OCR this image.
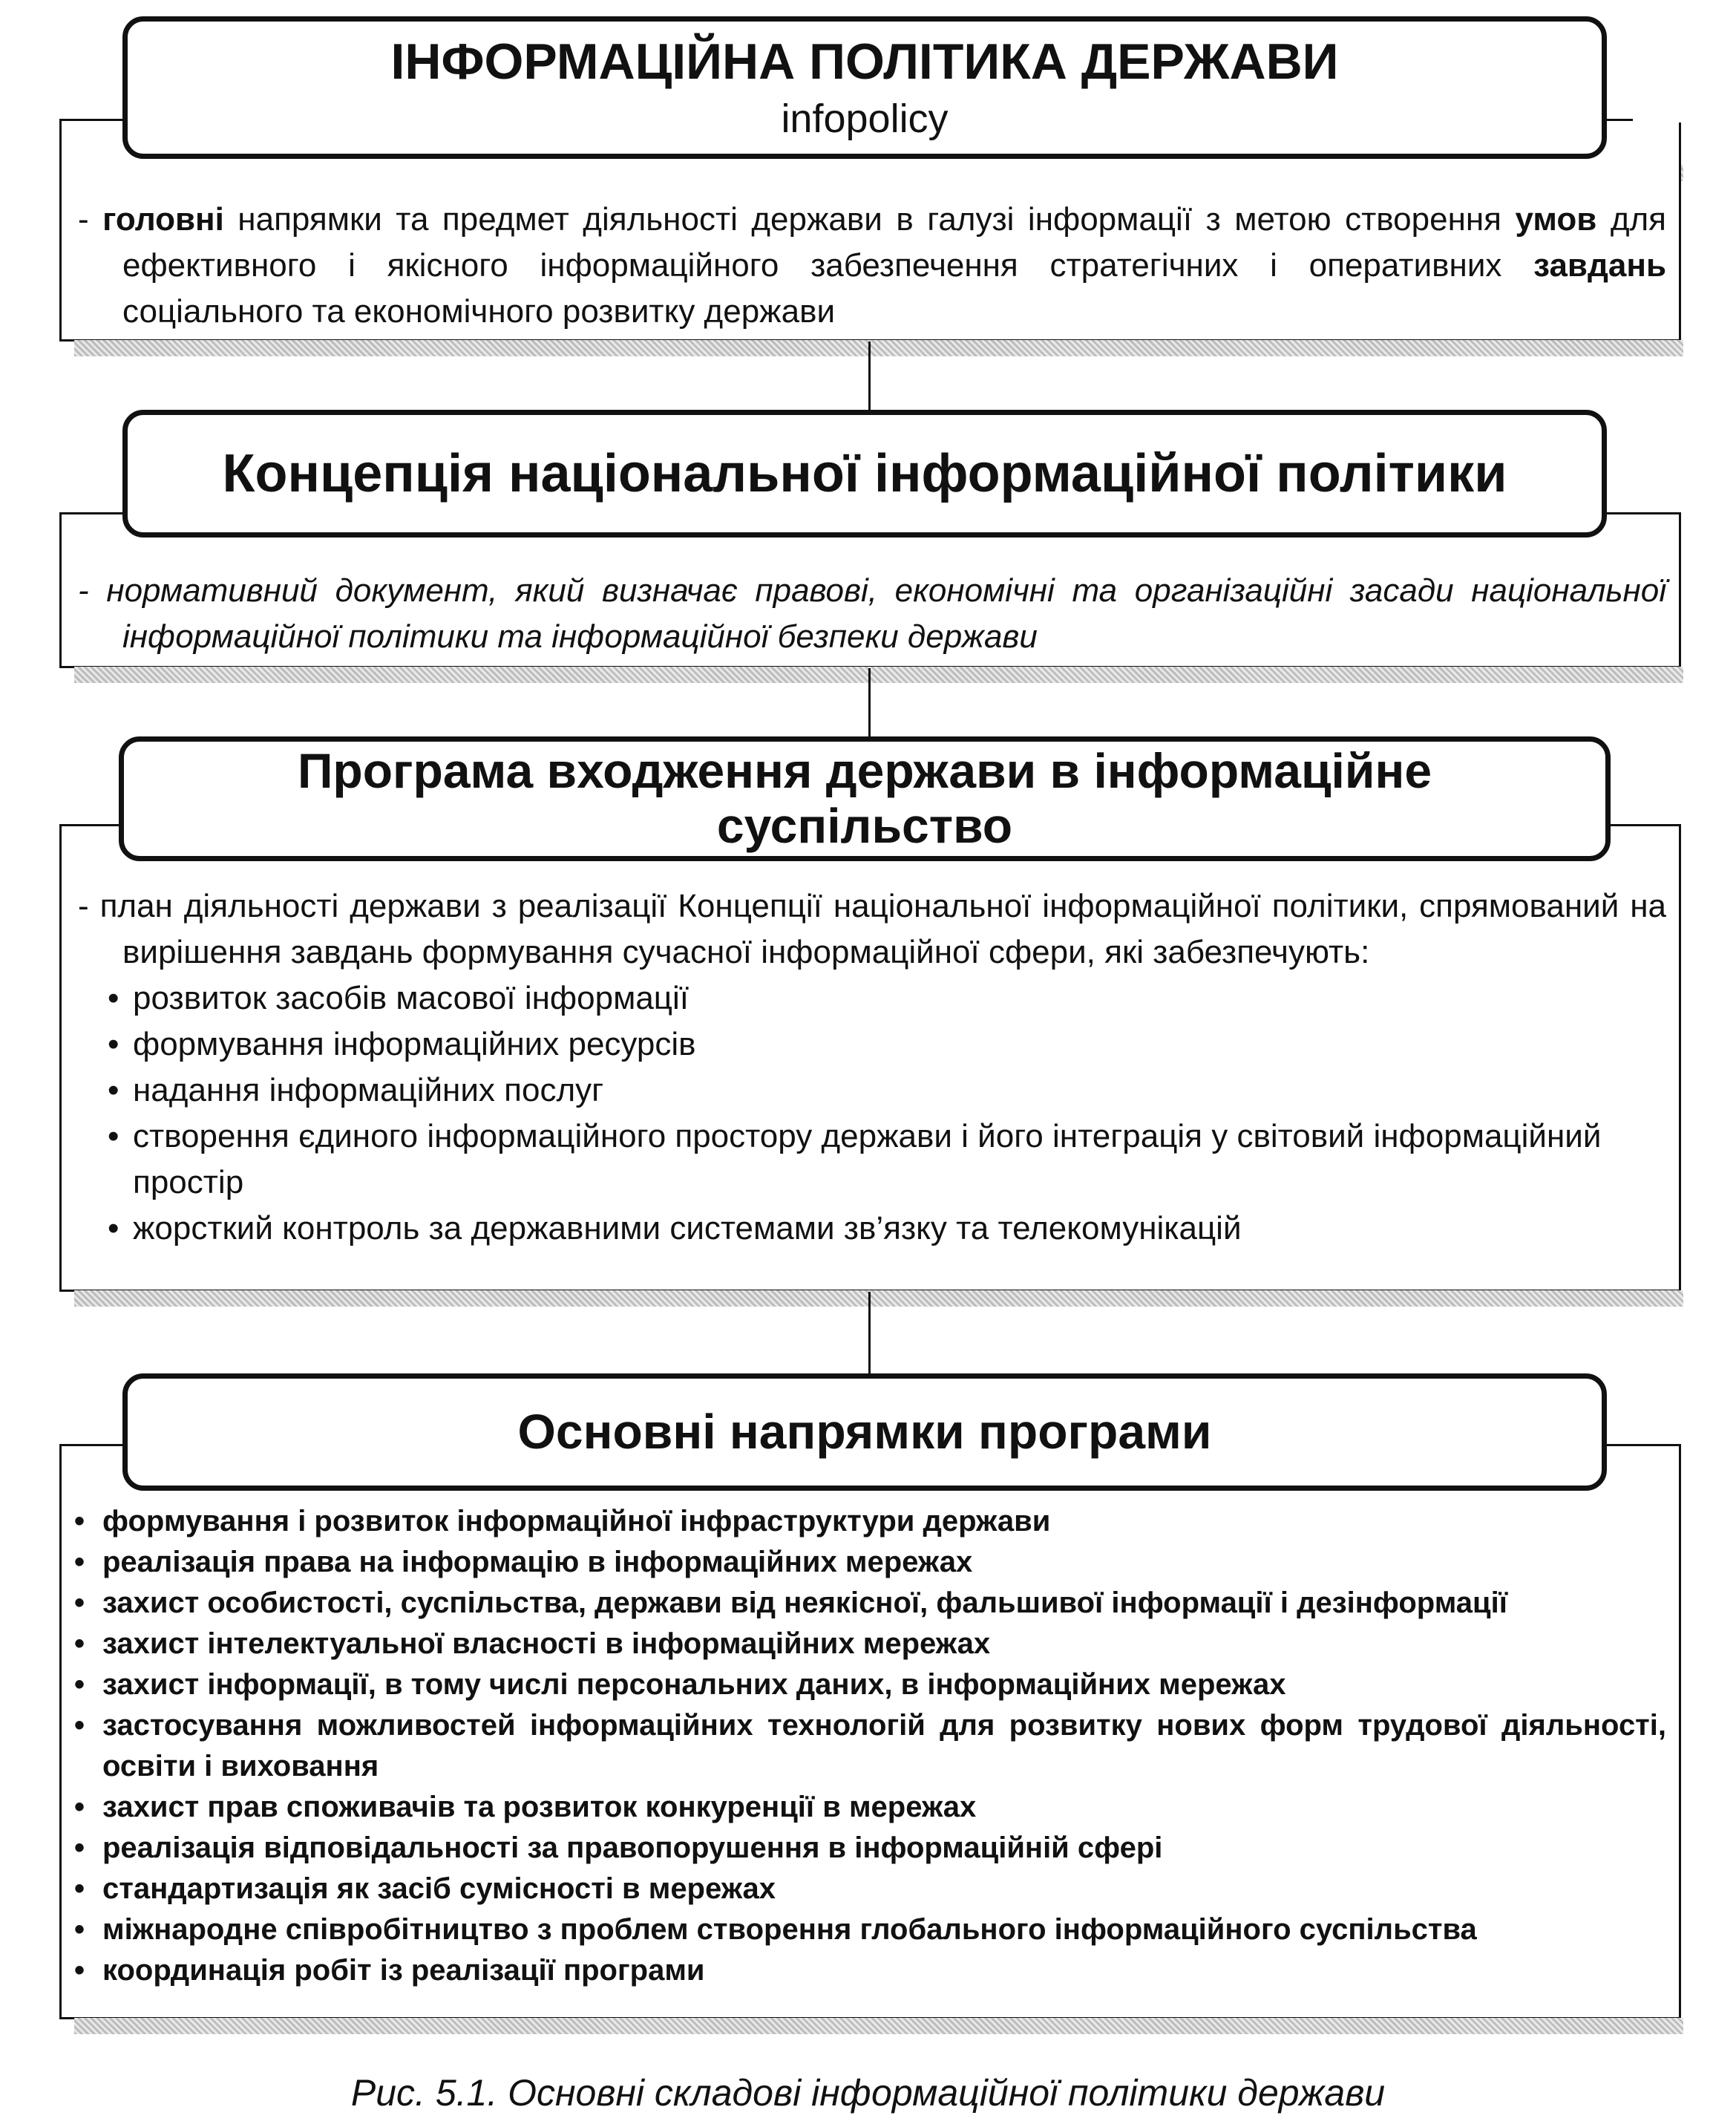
ІНФОРМАЦІЙНА ПОЛІТИКА ДЕРЖАВИ
infopolicy

- головні напрямки та предмет діяльності держави в галузі інформації з метою створення умов для ефективного і якісного інформаційного забезпечення стратегічних і оперативних завдань соціального та економічного розвитку держави

Концепція національної інформаційної політики

- нормативний документ, який визначає правові, економічні та організаційні засади національної інформаційної політики та інформаційної безпеки держави

Програма входження держави в інформаційне суспільство

- план діяльності держави з реалізації Концепції національної інформаційної політики, спрямований на вирішення завдань формування сучасної інформаційної сфери, які забезпечують:

• розвиток засобів масової інформації
• формування інформаційних ресурсів
• надання інформаційних послуг
• створення єдиного інформаційного простору держави і його інтеграція у світовий інформаційний простір
• жорсткий контроль за державними системами зв’язку та телекомунікацій
Основні напрямки програми
• формування і розвиток інформаційної інфраструктури держави
• реалізація права на інформацію в інформаційних мережах
• захист особистості, суспільства, держави від неякісної, фальшивої інформації і дезінформації
• захист інтелектуальної власності в інформаційних мережах
• захист інформації, в тому числі персональних даних, в інформаційних мережах
• застосування можливостей інформаційних технологій для розвитку нових форм трудової діяльності, освіти і виховання
• захист прав споживачів та розвиток конкуренції в мережах
• реалізація відповідальності за правопорушення в інформаційній сфері
• стандартизація як засіб сумісності в мережах
• міжнародне співробітництво з проблем створення глобального інформаційного суспільства
• координація робіт із реалізації програми
Рис. 5.1. Основні складові інформаційної політики держави
